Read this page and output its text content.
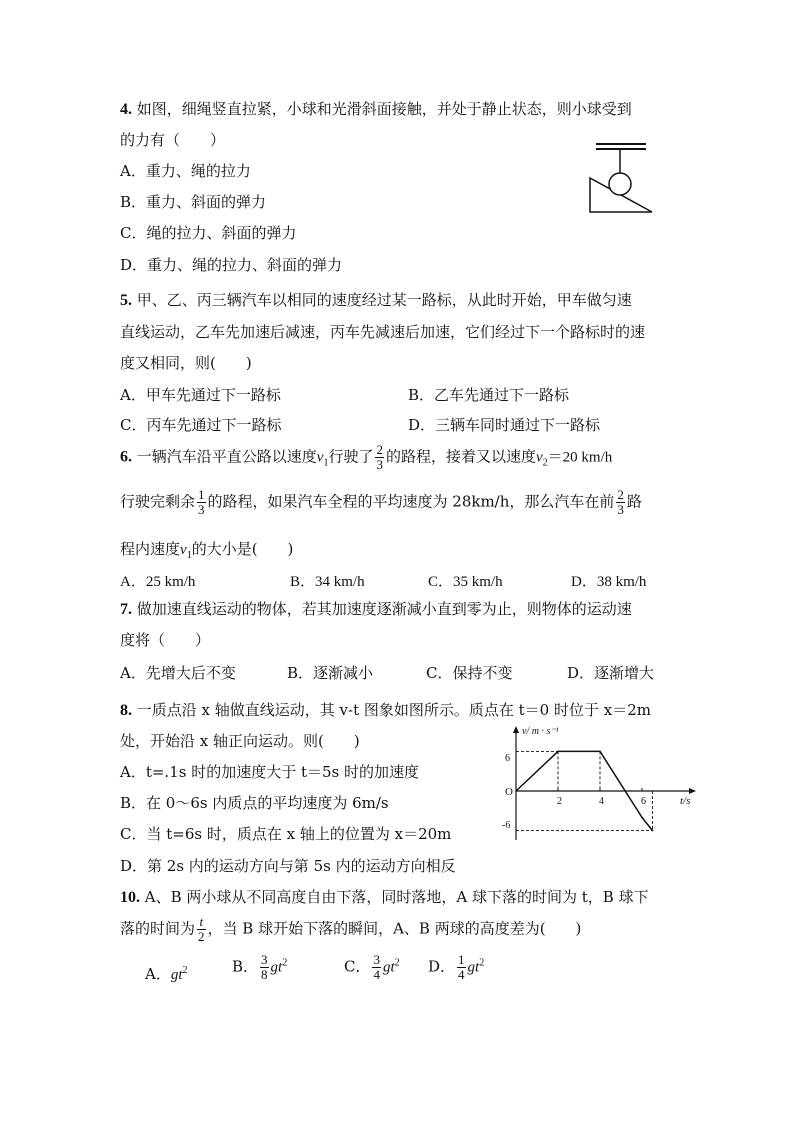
4. 如图，细绳竖直拉紧，小球和光滑斜面接触，并处于静止状态，则小球受到
的力有（　　）
A．重力、绳的拉力
B．重力、斜面的弹力
C．绳的拉力、斜面的弹力
D．重力、绳的拉力、斜面的弹力
5. 甲、乙、丙三辆汽车以相同的速度经过某一路标，从此时开始，甲车做匀速
直线运动，乙车先加速后减速，丙车先减速后加速，它们经过下一个路标时的速
度又相同，则(　　)
A．甲车先通过下一路标	B．乙车先通过下一路标
C．丙车先通过下一路标	D．三辆车同时通过下一路标
6. 一辆汽车沿平直公路以速度$v_1$行驶了 $\frac{2}{3}$ 的路程，接着又以速度$v_2=20$ km/h
行驶完剩余 $\frac{1}{3}$ 的路程，如果汽车全程的平均速度为 28km/h，那么汽车在前 $\frac{2}{3}$ 路
程内速度$v_1$的大小是(　　)
A．25 km/h	B．34 km/h	C．35 km/h	D．38 km/h
7. 做加速直线运动的物体，若其加速度逐渐减小直到零为止，则物体的运动速
度将（　　）
A．先增大后不变	B．逐渐减小	C．保持不变	D．逐渐增大
8. 一质点沿 x 轴做直线运动，其 v-t 图象如图所示。质点在 t＝0 时位于 x＝2m
处，开始沿 x 轴正向运动。则(　　)
A．t=.1s 时的加速度大于 t＝5s 时的加速度
B．在 0～6s 内质点的平均速度为 6m/s
C．当 t=6s 时，质点在 x 轴上的位置为 x＝20m
D．第 2s 内的运动方向与第 5s 内的运动方向相反
v/ m · s⁻¹
t/s
O
6
-6
2	4	6
10. A、B 两小球从不同高度自由下落，同时落地，A 球下落的时间为 t，B 球下
落的时间为 $\frac{t}{2}$ ，当 B 球开始下落的瞬间，A、B 两球的高度差为(　　)
A．$gt^2$	B． $\frac{3}{8} gt^2$	C． $\frac{3}{4} gt^2$ D． $\frac{1}{4} gt^2$
